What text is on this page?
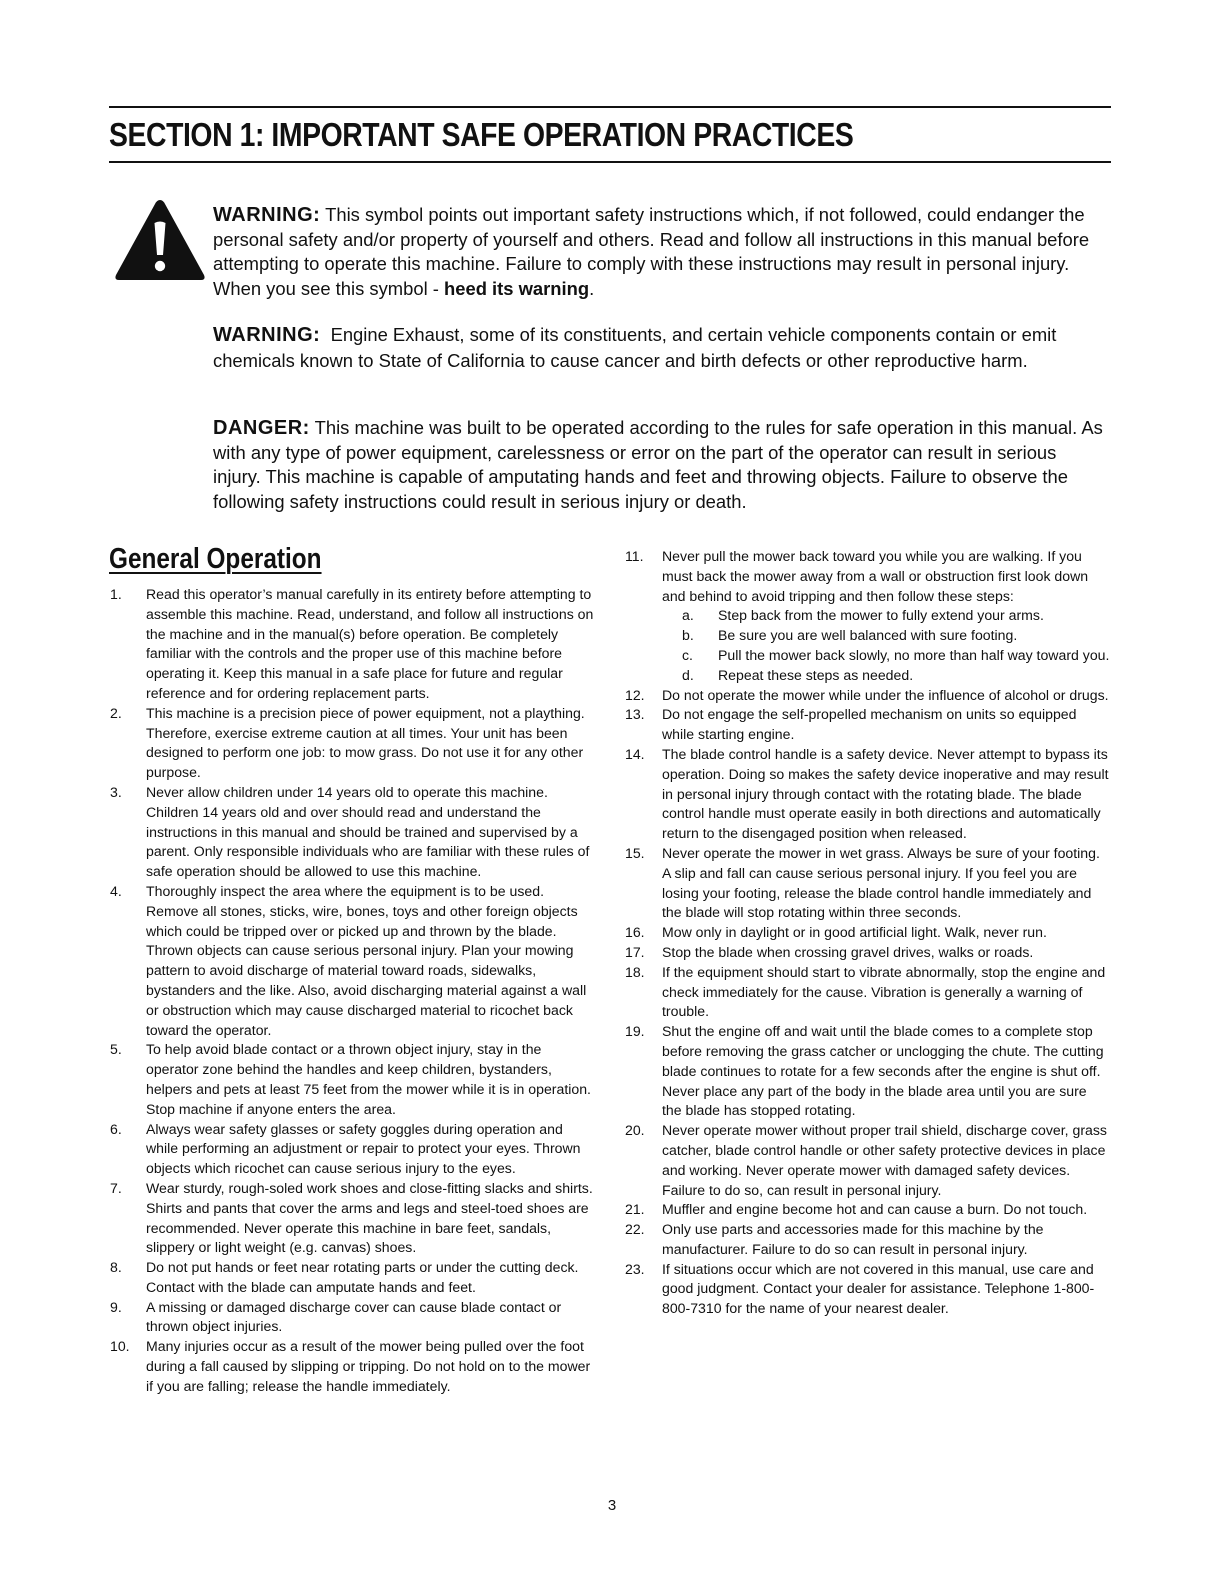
SECTION 1: IMPORTANT SAFE OPERATION PRACTICES

WARNING: This symbol points out important safety instructions which, if not followed, could endanger the personal safety and/or property of yourself and others. Read and follow all instructions in this manual before attempting to operate this machine. Failure to comply with these instructions may result in personal injury. When you see this symbol - heed its warning.

WARNING: Engine Exhaust, some of its constituents, and certain vehicle components contain or emit chemicals known to State of California to cause cancer and birth defects or other reproductive harm.

DANGER: This machine was built to be operated according to the rules for safe operation in this manual. As with any type of power equipment, carelessness or error on the part of the operator can result in serious injury. This machine is capable of amputating hands and feet and throwing objects. Failure to observe the following safety instructions could result in serious injury or death.

General Operation
1. Read this operator’s manual carefully in its entirety before attempting to assemble this machine. Read, understand, and follow all instructions on the machine and in the manual(s) before operation. Be completely familiar with the controls and the proper use of this machine before operating it. Keep this manual in a safe place for future and regular reference and for ordering replacement parts.
2. This machine is a precision piece of power equipment, not a plaything. Therefore, exercise extreme caution at all times. Your unit has been designed to perform one job: to mow grass. Do not use it for any other purpose.
3. Never allow children under 14 years old to operate this machine. Children 14 years old and over should read and understand the instructions in this manual and should be trained and supervised by a parent. Only responsible individuals who are familiar with these rules of safe operation should be allowed to use this machine.
4. Thoroughly inspect the area where the equipment is to be used. Remove all stones, sticks, wire, bones, toys and other foreign objects which could be tripped over or picked up and thrown by the blade. Thrown objects can cause serious personal injury. Plan your mowing pattern to avoid discharge of material toward roads, sidewalks, bystanders and the like. Also, avoid discharging material against a wall or obstruction which may cause discharged material to ricochet back toward the operator.
5. To help avoid blade contact or a thrown object injury, stay in the operator zone behind the handles and keep children, bystanders, helpers and pets at least 75 feet from the mower while it is in operation. Stop machine if anyone enters the area.
6. Always wear safety glasses or safety goggles during operation and while performing an adjustment or repair to protect your eyes. Thrown objects which ricochet can cause serious injury to the eyes.
7. Wear sturdy, rough-soled work shoes and close-fitting slacks and shirts. Shirts and pants that cover the arms and legs and steel-toed shoes are recommended. Never operate this machine in bare feet, sandals, slippery or light weight (e.g. canvas) shoes.
8. Do not put hands or feet near rotating parts or under the cutting deck. Contact with the blade can amputate hands and feet.
9. A missing or damaged discharge cover can cause blade contact or thrown object injuries.
10. Many injuries occur as a result of the mower being pulled over the foot during a fall caused by slipping or tripping. Do not hold on to the mower if you are falling; release the handle immediately.
11. Never pull the mower back toward you while you are walking. If you must back the mower away from a wall or obstruction first look down and behind to avoid tripping and then follow these steps:
a. Step back from the mower to fully extend your arms.
b. Be sure you are well balanced with sure footing.
c. Pull the mower back slowly, no more than half way toward you.
d. Repeat these steps as needed.
12. Do not operate the mower while under the influence of alcohol or drugs.
13. Do not engage the self-propelled mechanism on units so equipped while starting engine.
14. The blade control handle is a safety device. Never attempt to bypass its operation. Doing so makes the safety device inoperative and may result in personal injury through contact with the rotating blade. The blade control handle must operate easily in both directions and automatically return to the disengaged position when released.
15. Never operate the mower in wet grass. Always be sure of your footing. A slip and fall can cause serious personal injury. If you feel you are losing your footing, release the blade control handle immediately and the blade will stop rotating within three seconds.
16. Mow only in daylight or in good artificial light. Walk, never run.
17. Stop the blade when crossing gravel drives, walks or roads.
18. If the equipment should start to vibrate abnormally, stop the engine and check immediately for the cause. Vibration is generally a warning of trouble.
19. Shut the engine off and wait until the blade comes to a complete stop before removing the grass catcher or unclogging the chute. The cutting blade continues to rotate for a few seconds after the engine is shut off. Never place any part of the body in the blade area until you are sure the blade has stopped rotating.
20. Never operate mower without proper trail shield, discharge cover, grass catcher, blade control handle or other safety protective devices in place and working. Never operate mower with damaged safety devices. Failure to do so, can result in personal injury.
21. Muffler and engine become hot and can cause a burn. Do not touch.
22. Only use parts and accessories made for this machine by the manufacturer. Failure to do so can result in personal injury.
23. If situations occur which are not covered in this manual, use care and good judgment. Contact your dealer for assistance. Telephone 1-800-800-7310 for the name of your nearest dealer.
3
